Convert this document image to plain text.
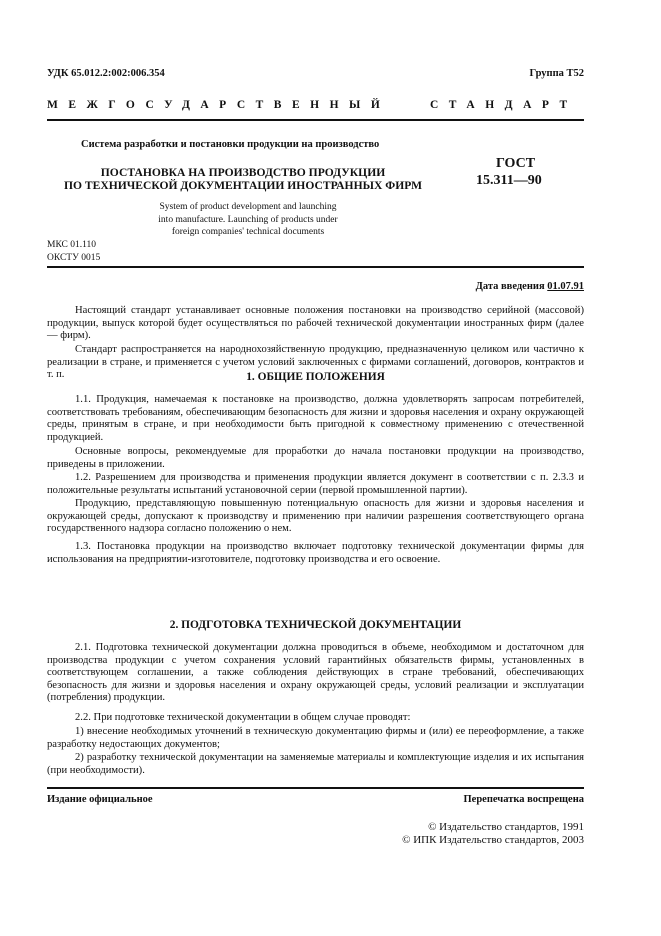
УДК 65.012.2:002:006.354	Группа Т52
МЕЖГОСУДАРСТВЕННЫЙ	СТАНДАРТ
Система разработки и постановки продукции на производство
ПОСТАНОВКА НА ПРОИЗВОДСТВО ПРОДУКЦИИ
ПО ТЕХНИЧЕСКОЙ ДОКУМЕНТАЦИИ ИНОСТРАННЫХ ФИРМ
ГОСТ
15.311—90
System of product development and launching
into manufacture. Launching of products under
foreign companies' technical documents
МКС 01.110
ОКСТУ 0015
Дата введения 01.07.91
Настоящий стандарт устанавливает основные положения постановки на производство серийной (массовой) продукции, выпуск которой будет осуществляться по рабочей технической документации иностранных фирм (далее — фирм).
Стандарт распространяется на народнохозяйственную продукцию, предназначенную целиком или частично к реализации в стране, и применяется с учетом условий заключенных с фирмами соглашений, договоров, контрактов и т. п.	1. ОБЩИЕ ПОЛОЖЕНИЯ
1.1. Продукция, намечаемая к постановке на производство, должна удовлетворять запросам потребителей, соответствовать требованиям, обеспечивающим безопасность для жизни и здоровья населения и охрану окружающей среды, принятым в стране, и при необходимости быть пригодной к совместному применению с отечественной продукцией.
Основные вопросы, рекомендуемые для проработки до начала постановки продукции на производство, приведены в приложении.
1.2. Разрешением для производства и применения продукции является документ в соответствии с п. 2.3.3 и положительные результаты испытаний установочной серии (первой промышленной партии).
Продукцию, представляющую повышенную потенциальную опасность для жизни и здоровья населения и окружающей среды, допускают к производству и применению при наличии разрешения соответствующего органа государственного надзора согласно положению о нем.
1.3. Постановка продукции на производство включает подготовку технической документации фирмы для использования на предприятии-изготовителе, подготовку производства и его освоение.
2. ПОДГОТОВКА ТЕХНИЧЕСКОЙ ДОКУМЕНТАЦИИ
2.1. Подготовка технической документации должна проводиться в объеме, необходимом и достаточном для производства продукции с учетом сохранения условий гарантийных обязательств фирмы, установленных в соответствующем соглашении, а также соблюдения действующих в стране требований, обеспечивающих безопасность для жизни и здоровья населения и охрану окружающей среды, условий реализации и эксплуатации (потребления) продукции.
2.2. При подготовке технической документации в общем случае проводят:
1) внесение необходимых уточнений в техническую документацию фирмы и (или) ее переоформление, а также разработку недостающих документов;
2) разработку технической документации на заменяемые материалы и комплектующие изделия и их испытания (при необходимости).
Издание официальное	Перепечатка воспрещена
© Издательство стандартов, 1991
© ИПК Издательство стандартов, 2003
